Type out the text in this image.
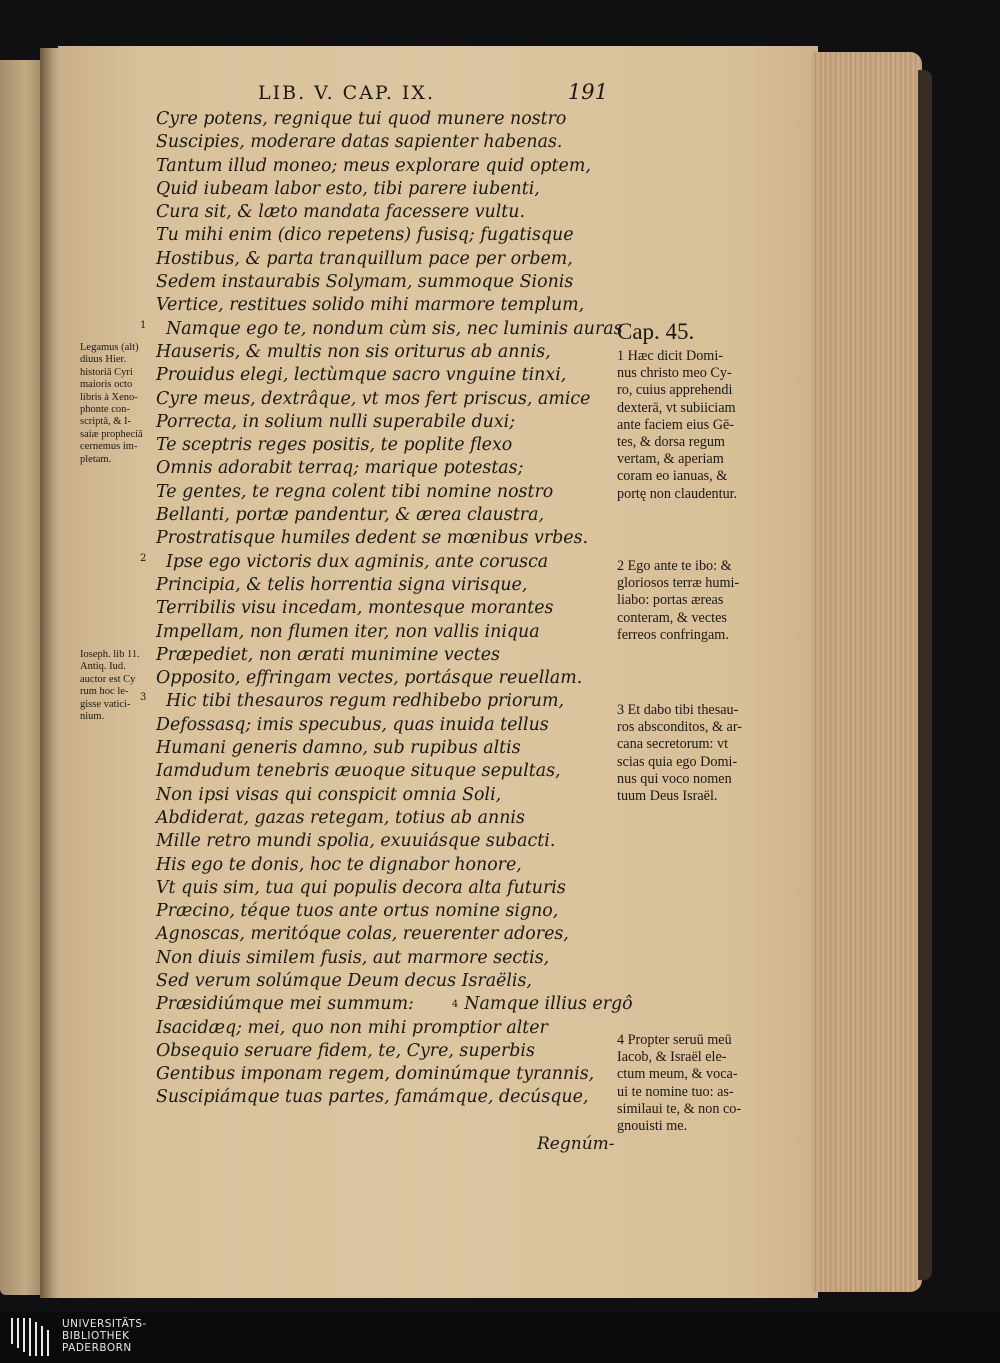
LIB. V. CAP. IX.	191
Cyre potens, regnique tui quod munere nostro
Suscipies, moderare datas sapienter habenas.
Tantum illud moneo; meus explorare quid optem,
Quid iubeam labor esto, tibi parere iubenti,
Cura sit, & læto mandata facessere vultu.
Tu mihi enim (dico repetens) fusisq; fugatisque
Hostibus, & parta tranquillum pace per orbem,
Sedem instaurabis Solymam, summoque Sionis
Vertice, restitues solido mihi marmore templum,
1 Namque ego te, nondum cùm sis, nec luminis auras
Hauseris, & multis non sis oriturus ab annis,
Prouidus elegi, lectùmque sacro vnguine tinxi,
Cyre meus, dextrâque, vt mos fert priscus, amice
Porrecta, in solium nulli superabile duxi;
Te sceptris reges positis, te poplite flexo
Omnis adorabit terraq; marique potestas;
Te gentes, te regna colent tibi nomine nostro
Bellanti, portæ pandentur, & ærea claustra,
Prostratisque humiles dedent se mœnibus vrbes.
2 Ipse ego victoris dux agminis, ante corusca
Principia, & telis horrentia signa virisque,
Terribilis visu incedam, montesque morantes
Impellam, non flumen iter, non vallis iniqua
Præpediet, non ærati munimine vectes
Opposito, effringam vectes, portásque reuellam.
3 Hic tibi thesauros regum redhibebo priorum,
Defossasq; imis specubus, quas inuida tellus
Humani generis damno, sub rupibus altis
Iamdudum tenebris æuoque situque sepultas,
Non ipsi visas qui conspicit omnia Soli,
Abdiderat, gazas retegam, totius ab annis
Mille retro mundi spolia, exuuiásque subacti.
His ego te donis, hoc te dignabor honore,
Vt quis sim, tua qui populis decora alta futuris
Præcino, téque tuos ante ortus nomine signo,
Agnoscas, meritóque colas, reuerenter adores,
Non diuis similem fusis, aut marmore sectis,
Sed verum solúmque Deum decus Israëlis,
Præsidiúmque mei summum:	$^4$ Namque illius ergô
Isacidæq; mei, quo non mihi promptior alter
Obsequio seruare fidem, te, Cyre, superbis
Gentibus imponam regem, dominúmque tyrannis,
Suscipiámque tuas partes, famámque, decúsque,
Regnúm-
Legamus (alt)
diuus Hier.
historiā Cyri
maioris octo
libris à Xeno-
phonte con-
scriptā, & I-
saiæ propheciā
cernemus im-
pletam.
Ioseph. lib 11.
Antiq. Iud.
auctor est Cy
rum hoc le-
gisse vatici-
nium.
Cap. 45.
1 Hæc dicit Domi-
nus christo meo Cy-
ro, cuius apprehendi
dexterā, vt subiiciam
ante faciem eius Gē-
tes, & dorsa regum
vertam, & aperiam
coram eo ianuas, &
portę non claudentur.
2 Ego ante te ibo: &
gloriosos terræ humi-
liabo: portas æreas
conteram, & vectes
ferreos confringam.
3 Et dabo tibi thesau-
ros absconditos, & ar-
cana secretorum: vt
scias quia ego Domi-
nus qui voco nomen
tuum Deus Israël.
4 Propter seruū meū
Iacob, & Israël ele-
ctum meum, & voca-
ui te nomine tuo: as-
similaui te, & non co-
gnouisti me.
UNIVERSITÄTS-
BIBLIOTHEK
PADERBORN
